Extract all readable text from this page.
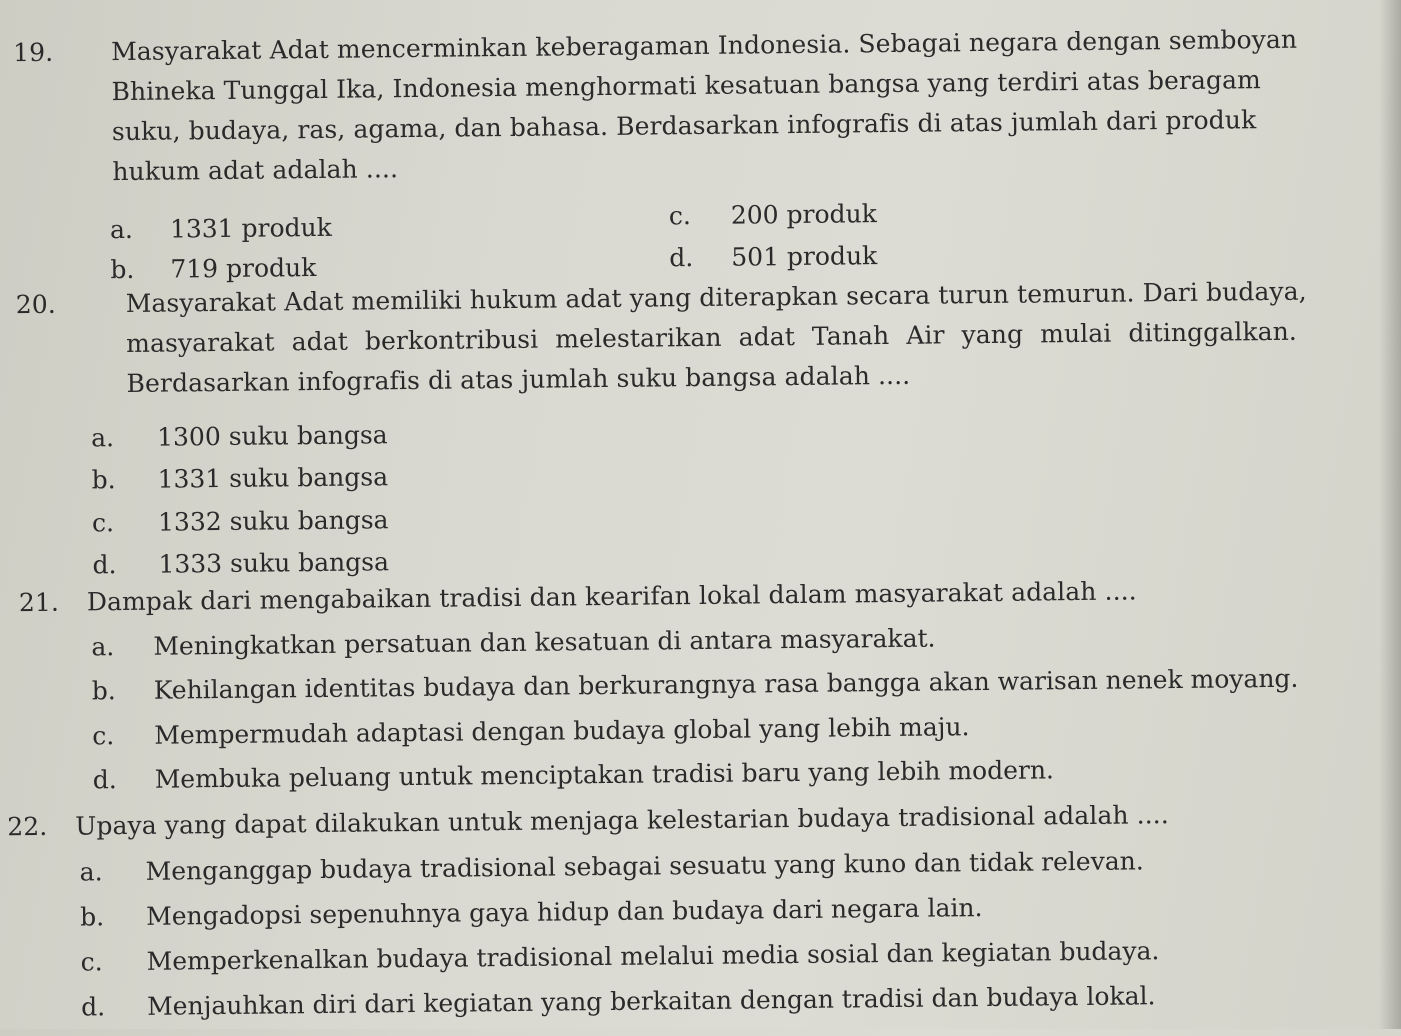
19. Masyarakat Adat mencerminkan keberagaman Indonesia. Sebagai negara dengan semboyan
Bhineka Tunggal Ika, Indonesia menghormati kesatuan bangsa yang terdiri atas beragam
suku, budaya, ras, agama, dan bahasa. Berdasarkan infografis di atas jumlah dari produk
hukum adat adalah ....

a. 1331 produk
b. 719 produk
c. 200 produk
d. 501 produk
20.	Masyarakat Adat memiliki hukum adat yang diterapkan secara turun temurun. Dari budaya,
masyarakat adat berkontribusi melestarikan adat Tanah Air yang mulai ditinggalkan.
Berdasarkan infografis di atas jumlah suku bangsa adalah ....

a. 1300 suku bangsa
b. 1331 suku bangsa
c. 1332 suku bangsa
d. 1333 suku bangsa
21. Dampak dari mengabaikan tradisi dan kearifan lokal dalam masyarakat adalah ....

a. Meningkatkan persatuan dan kesatuan di antara masyarakat.
b. Kehilangan identitas budaya dan berkurangnya rasa bangga akan warisan nenek moyang.
c. Mempermudah adaptasi dengan budaya global yang lebih maju.
d. Membuka peluang untuk menciptakan tradisi baru yang lebih modern.
22. Upaya yang dapat dilakukan untuk menjaga kelestarian budaya tradisional adalah ....

a. Menganggap budaya tradisional sebagai sesuatu yang kuno dan tidak relevan.
b. Mengadopsi sepenuhnya gaya hidup dan budaya dari negara lain.
c. Memperkenalkan budaya tradisional melalui media sosial dan kegiatan budaya.
d. Menjauhkan diri dari kegiatan yang berkaitan dengan tradisi dan budaya lokal.
